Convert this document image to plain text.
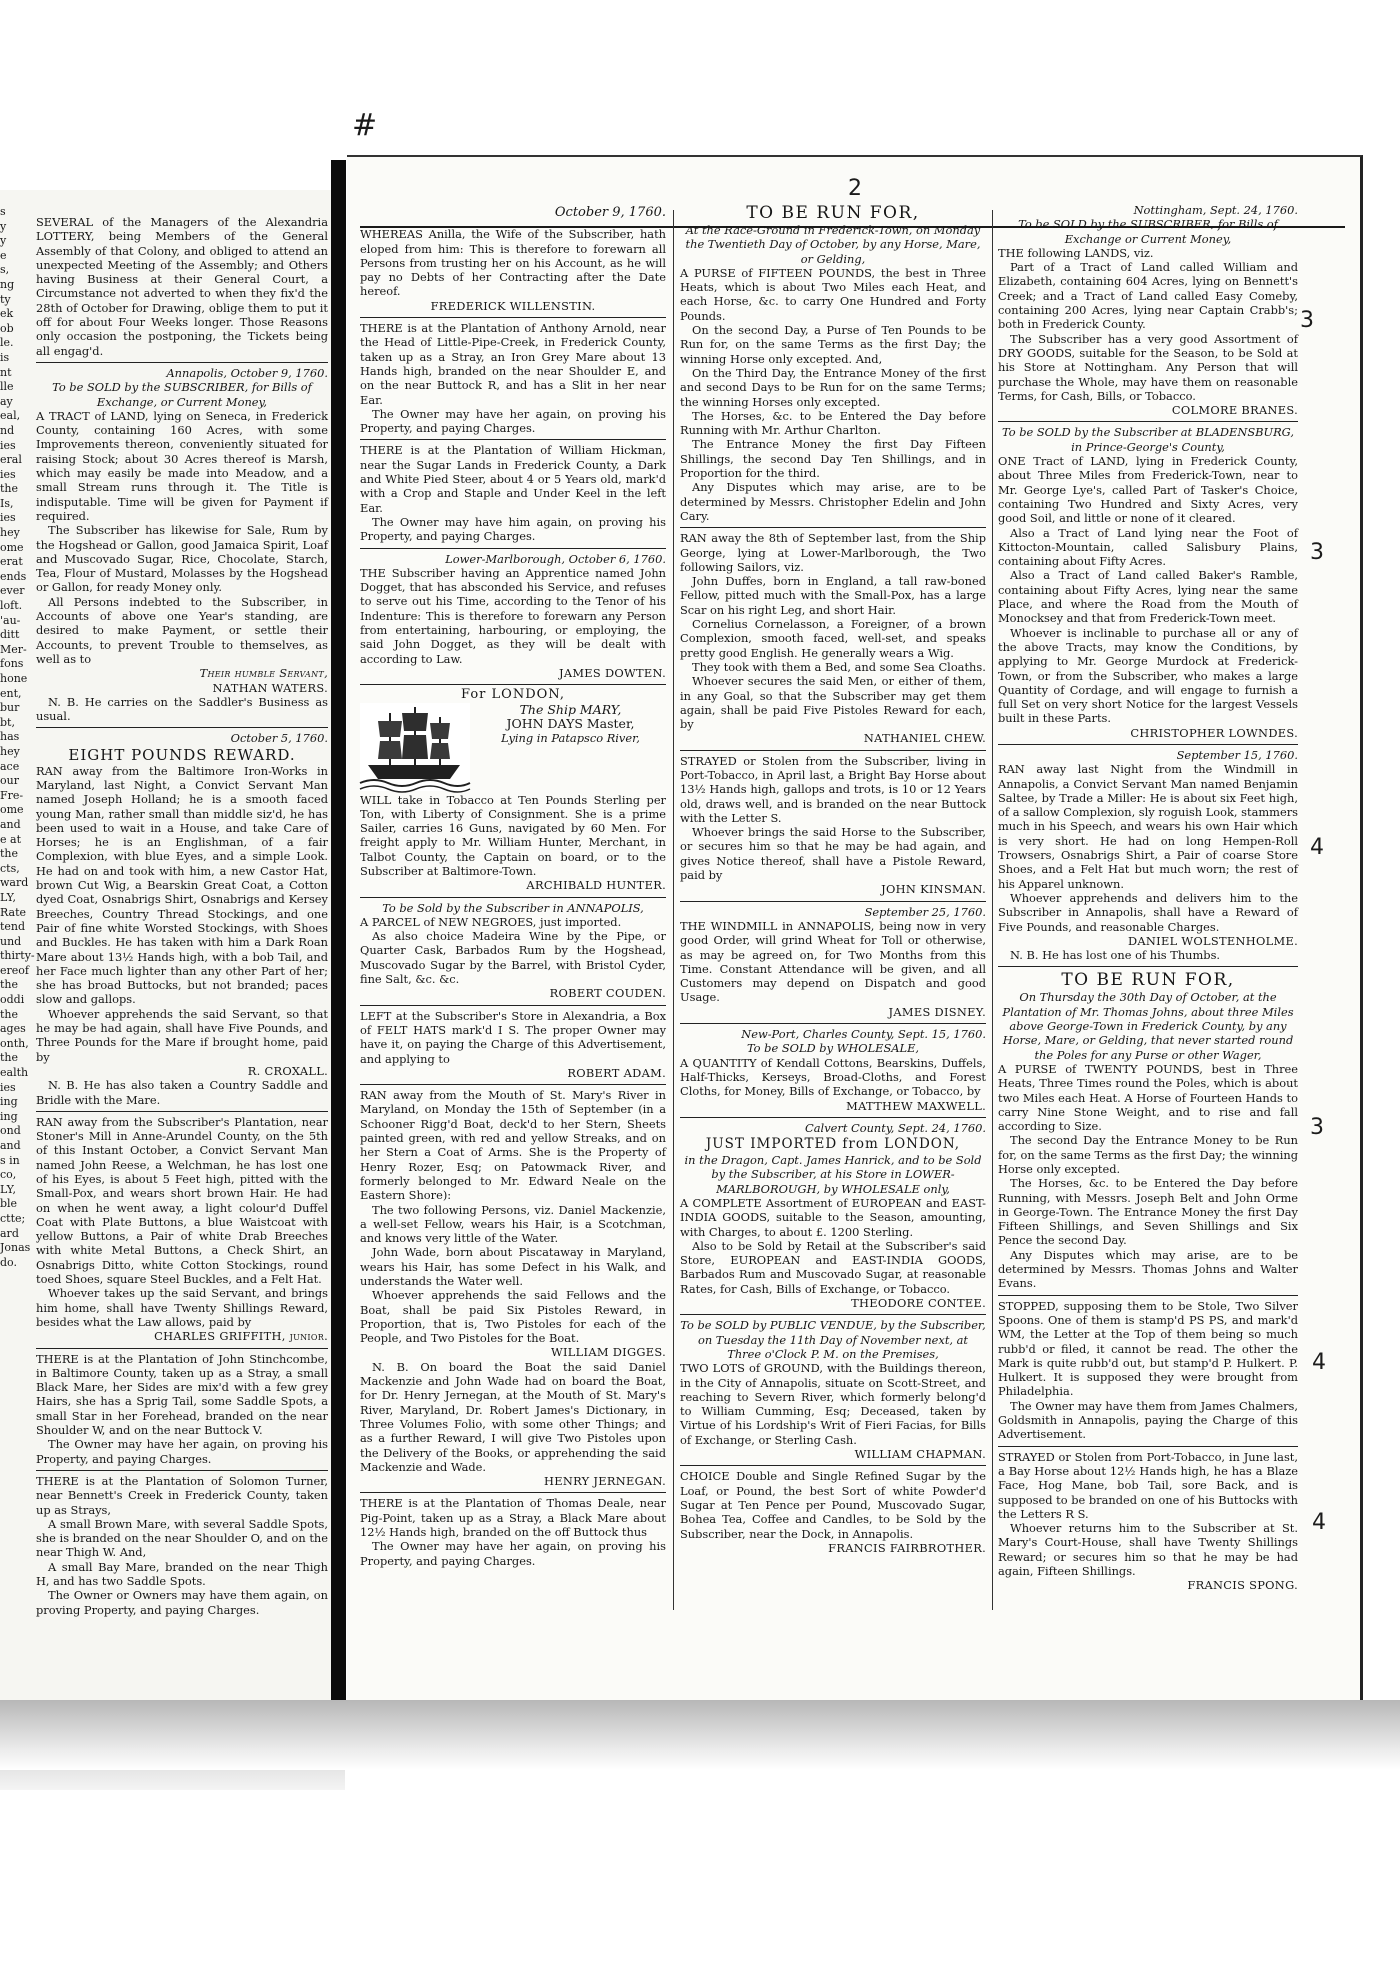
#
2
3
3
4
3
4
4
s
y
y
e
s,
ng
ty
ek
ob
le.
is
nt
lle
ay
eal,
nd
ies
eral
ies
the
Is,
ies
hey
ome
erat
ends
ever
loft.
'au-
ditt
Mer-
fons
hone
ent,
bur
bt,
has
hey
ace
our
Fre-
ome
and
e at
the
cts,
ward
LY,
Rate
tend
und
thirty-
ereof
the
oddi
the
ages
onth,
the
ealth
ies
ing
ing
ond
and
s in
co,
LY,
ble
ctte;
ard
Jonas
do.

SEVERAL of the Managers of the Alexandria LOTTERY, being Members of the General Assembly of that Colony, and obliged to attend an unexpected Meeting of the Assembly; and Others having Business at their General Court, a Circumstance not adverted to when they fix'd the 28th of October for Drawing, oblige them to put it off for about Four Weeks longer. Those Reasons only occasion the postponing, the Tickets being all engag'd.

Annapolis, October 9, 1760.

To be SOLD by the SUBSCRIBER, for Bills of Exchange, or Current Money,

A TRACT of LAND, lying on Seneca, in Frederick County, containing 160 Acres, with some Improvements thereon, conveniently situated for raising Stock; about 30 Acres thereof is Marsh, which may easily be made into Meadow, and a small Stream runs through it. The Title is indisputable. Time will be given for Payment if required.

The Subscriber has likewise for Sale, Rum by the Hogshead or Gallon, good Jamaica Spirit, Loaf and Muscovado Sugar, Rice, Chocolate, Starch, Tea, Flour of Mustard, Molasses by the Hogshead or Gallon, for ready Money only.

All Persons indebted to the Subscriber, in Accounts of above one Year's standing, are desired to make Payment, or settle their Accounts, to prevent Trouble to themselves, as well as to

Their humble Servant,

NATHAN WATERS.

N. B. He carries on the Saddler's Business as usual.

October 5, 1760.

EIGHT POUNDS REWARD.

RAN away from the Baltimore Iron-Works in Maryland, last Night, a Convict Servant Man named Joseph Holland; he is a smooth faced young Man, rather small than middle siz'd, he has been used to wait in a House, and take Care of Horses; he is an Englishman, of a fair Complexion, with blue Eyes, and a simple Look. He had on and took with him, a new Castor Hat, brown Cut Wig, a Bearskin Great Coat, a Cotton dyed Coat, Osnabrigs Shirt, Osnabrigs and Kersey Breeches, Country Thread Stockings, and one Pair of fine white Worsted Stockings, with Shoes and Buckles. He has taken with him a Dark Roan Mare about 13½ Hands high, with a bob Tail, and her Face much lighter than any other Part of her; she has broad Buttocks, but not branded; paces slow and gallops.

Whoever apprehends the said Servant, so that he may be had again, shall have Five Pounds, and Three Pounds for the Mare if brought home, paid by

R. CROXALL.

N. B. He has also taken a Country Saddle and Bridle with the Mare.

RAN away from the Subscriber's Plantation, near Stoner's Mill in Anne-Arundel County, on the 5th of this Instant October, a Convict Servant Man named John Reese, a Welchman, he has lost one of his Eyes, is about 5 Feet high, pitted with the Small-Pox, and wears short brown Hair. He had on when he went away, a light colour'd Duffel Coat with Plate Buttons, a blue Waistcoat with yellow Buttons, a Pair of white Drab Breeches with white Metal Buttons, a Check Shirt, an Osnabrigs Ditto, white Cotton Stockings, round toed Shoes, square Steel Buckles, and a Felt Hat.

Whoever takes up the said Servant, and brings him home, shall have Twenty Shillings Reward, besides what the Law allows, paid by

CHARLES GRIFFITH, junior.

THERE is at the Plantation of John Stinchcombe, in Baltimore County, taken up as a Stray, a small Black Mare, her Sides are mix'd with a few grey Hairs, she has a Sprig Tail, some Saddle Spots, a small Star in her Forehead, branded on the near Shoulder W, and on the near Buttock V.

The Owner may have her again, on proving his Property, and paying Charges.

THERE is at the Plantation of Solomon Turner, near Bennett's Creek in Frederick County, taken up as Strays,

A small Brown Mare, with several Saddle Spots, she is branded on the near Shoulder O, and on the near Thigh W. And,

A small Bay Mare, branded on the near Thigh H, and has two Saddle Spots.

The Owner or Owners may have them again, on proving Property, and paying Charges.

October 9, 1760.

WHEREAS Anilla, the Wife of the Subscriber, hath eloped from him: This is therefore to forewarn all Persons from trusting her on his Account, as he will pay no Debts of her Contracting after the Date hereof.

FREDERICK WILLENSTIN.

THERE is at the Plantation of Anthony Arnold, near the Head of Little-Pipe-Creek, in Frederick County, taken up as a Stray, an Iron Grey Mare about 13 Hands high, branded on the near Shoulder E, and on the near Buttock R, and has a Slit in her near Ear.

The Owner may have her again, on proving his Property, and paying Charges.

THERE is at the Plantation of William Hickman, near the Sugar Lands in Frederick County, a Dark and White Pied Steer, about 4 or 5 Years old, mark'd with a Crop and Staple and Under Keel in the left Ear.

The Owner may have him again, on proving his Property, and paying Charges.

Lower-Marlborough, October 6, 1760.

THE Subscriber having an Apprentice named John Dogget, that has absconded his Service, and refuses to serve out his Time, according to the Tenor of his Indenture: This is therefore to forewarn any Person from entertaining, harbouring, or employing, the said John Dogget, as they will be dealt with according to Law.

JAMES DOWTEN.

For LONDON,

The Ship MARY,

JOHN DAYS Master,

Lying in Patapsco River,

WILL take in Tobacco at Ten Pounds Sterling per Ton, with Liberty of Consignment. She is a prime Sailer, carries 16 Guns, navigated by 60 Men. For freight apply to Mr. William Hunter, Merchant, in Talbot County, the Captain on board, or to the Subscriber at Baltimore-Town.

ARCHIBALD HUNTER.

To be Sold by the Subscriber in ANNAPOLIS,

A PARCEL of NEW NEGROES, just imported.

As also choice Madeira Wine by the Pipe, or Quarter Cask, Barbados Rum by the Hogshead, Muscovado Sugar by the Barrel, with Bristol Cyder, fine Salt, &c. &c.

ROBERT COUDEN.

LEFT at the Subscriber's Store in Alexandria, a Box of FELT HATS mark'd I S. The proper Owner may have it, on paying the Charge of this Advertisement, and applying to

ROBERT ADAM.

RAN away from the Mouth of St. Mary's River in Maryland, on Monday the 15th of September (in a Schooner Rigg'd Boat, deck'd to her Stern, Sheets painted green, with red and yellow Streaks, and on her Stern a Coat of Arms. She is the Property of Henry Rozer, Esq; on Patowmack River, and formerly belonged to Mr. Edward Neale on the Eastern Shore):

The two following Persons, viz. Daniel Mackenzie, a well-set Fellow, wears his Hair, is a Scotchman, and knows very little of the Water.

John Wade, born about Piscataway in Maryland, wears his Hair, has some Defect in his Walk, and understands the Water well.

Whoever apprehends the said Fellows and the Boat, shall be paid Six Pistoles Reward, in Proportion, that is, Two Pistoles for each of the People, and Two Pistoles for the Boat.

WILLIAM DIGGES.

N. B. On board the Boat the said Daniel Mackenzie and John Wade had on board the Boat, for Dr. Henry Jernegan, at the Mouth of St. Mary's River, Maryland, Dr. Robert James's Dictionary, in Three Volumes Folio, with some other Things; and as a further Reward, I will give Two Pistoles upon the Delivery of the Books, or apprehending the said Mackenzie and Wade.

HENRY JERNEGAN.

THERE is at the Plantation of Thomas Deale, near Pig-Point, taken up as a Stray, a Black Mare about 12½ Hands high, branded on the off Buttock thus

The Owner may have her again, on proving his Property, and paying Charges.

TO BE RUN FOR,

At the Race-Ground in Frederick-Town, on Monday the Twentieth Day of October, by any Horse, Mare, or Gelding,

A PURSE of FIFTEEN POUNDS, the best in Three Heats, which is about Two Miles each Heat, and each Horse, &c. to carry One Hundred and Forty Pounds.

On the second Day, a Purse of Ten Pounds to be Run for, on the same Terms as the first Day; the winning Horse only excepted. And,

On the Third Day, the Entrance Money of the first and second Days to be Run for on the same Terms; the winning Horses only excepted.

The Horses, &c. to be Entered the Day before Running with Mr. Arthur Charlton.

The Entrance Money the first Day Fifteen Shillings, the second Day Ten Shillings, and in Proportion for the third.

Any Disputes which may arise, are to be determined by Messrs. Christopher Edelin and John Cary.

RAN away the 8th of September last, from the Ship George, lying at Lower-Marlborough, the Two following Sailors, viz.

John Duffes, born in England, a tall raw-boned Fellow, pitted much with the Small-Pox, has a large Scar on his right Leg, and short Hair.

Cornelius Cornelasson, a Foreigner, of a brown Complexion, smooth faced, well-set, and speaks pretty good English. He generally wears a Wig.

They took with them a Bed, and some Sea Cloaths.

Whoever secures the said Men, or either of them, in any Goal, so that the Subscriber may get them again, shall be paid Five Pistoles Reward for each, by

NATHANIEL CHEW.

STRAYED or Stolen from the Subscriber, living in Port-Tobacco, in April last, a Bright Bay Horse about 13½ Hands high, gallops and trots, is 10 or 12 Years old, draws well, and is branded on the near Buttock with the Letter S.

Whoever brings the said Horse to the Subscriber, or secures him so that he may be had again, and gives Notice thereof, shall have a Pistole Reward, paid by

JOHN KINSMAN.

September 25, 1760.

THE WINDMILL in ANNAPOLIS, being now in very good Order, will grind Wheat for Toll or otherwise, as may be agreed on, for Two Months from this Time. Constant Attendance will be given, and all Customers may depend on Dispatch and good Usage.

JAMES DISNEY.

New-Port, Charles County, Sept. 15, 1760.

To be SOLD by WHOLESALE,

A QUANTITY of Kendall Cottons, Bearskins, Duffels, Half-Thicks, Kerseys, Broad-Cloths, and Forest Cloths, for Money, Bills of Exchange, or Tobacco, by

MATTHEW MAXWELL.

Calvert County, Sept. 24, 1760.

JUST IMPORTED from LONDON,

in the Dragon, Capt. James Hanrick, and to be Sold by the Subscriber, at his Store in LOWER-MARLBOROUGH, by WHOLESALE only,

A COMPLETE Assortment of EUROPEAN and EAST-INDIA GOODS, suitable to the Season, amounting, with Charges, to about £. 1200 Sterling.

Also to be Sold by Retail at the Subscriber's said Store, EUROPEAN and EAST-INDIA GOODS, Barbados Rum and Muscovado Sugar, at reasonable Rates, for Cash, Bills of Exchange, or Tobacco.

THEODORE CONTEE.

To be SOLD by PUBLIC VENDUE, by the Subscriber, on Tuesday the 11th Day of November next, at Three o'Clock P. M. on the Premises,

TWO LOTS of GROUND, with the Buildings thereon, in the City of Annapolis, situate on Scott-Street, and reaching to Severn River, which formerly belong'd to William Cumming, Esq; Deceased, taken by Virtue of his Lordship's Writ of Fieri Facias, for Bills of Exchange, or Sterling Cash.

WILLIAM CHAPMAN.

CHOICE Double and Single Refined Sugar by the Loaf, or Pound, the best Sort of white Powder'd Sugar at Ten Pence per Pound, Muscovado Sugar, Bohea Tea, Coffee and Candles, to be Sold by the Subscriber, near the Dock, in Annapolis.

FRANCIS FAIRBROTHER.

Nottingham, Sept. 24, 1760.

To be SOLD by the SUBSCRIBER, for Bills of Exchange or Current Money,

THE following LANDS, viz.

Part of a Tract of Land called William and Elizabeth, containing 604 Acres, lying on Bennett's Creek; and a Tract of Land called Easy Comeby, containing 200 Acres, lying near Captain Crabb's; both in Frederick County.

The Subscriber has a very good Assortment of DRY GOODS, suitable for the Season, to be Sold at his Store at Nottingham. Any Person that will purchase the Whole, may have them on reasonable Terms, for Cash, Bills, or Tobacco.

COLMORE BRANES.

To be SOLD by the Subscriber at BLADENSBURG, in Prince-George's County,

ONE Tract of LAND, lying in Frederick County, about Three Miles from Frederick-Town, near to Mr. George Lye's, called Part of Tasker's Choice, containing Two Hundred and Sixty Acres, very good Soil, and little or none of it cleared.

Also a Tract of Land lying near the Foot of Kittocton-Mountain, called Salisbury Plains, containing about Fifty Acres.

Also a Tract of Land called Baker's Ramble, containing about Fifty Acres, lying near the same Place, and where the Road from the Mouth of Monocksey and that from Frederick-Town meet.

Whoever is inclinable to purchase all or any of the above Tracts, may know the Conditions, by applying to Mr. George Murdock at Frederick-Town, or from the Subscriber, who makes a large Quantity of Cordage, and will engage to furnish a full Set on very short Notice for the largest Vessels built in these Parts.

CHRISTOPHER LOWNDES.

September 15, 1760.

RAN away last Night from the Windmill in Annapolis, a Convict Servant Man named Benjamin Saltee, by Trade a Miller: He is about six Feet high, of a sallow Complexion, sly roguish Look, stammers much in his Speech, and wears his own Hair which is very short. He had on long Hempen-Roll Trowsers, Osnabrigs Shirt, a Pair of coarse Store Shoes, and a Felt Hat but much worn; the rest of his Apparel unknown.

Whoever apprehends and delivers him to the Subscriber in Annapolis, shall have a Reward of Five Pounds, and reasonable Charges.

DANIEL WOLSTENHOLME.

N. B. He has lost one of his Thumbs.

TO BE RUN FOR,

On Thursday the 30th Day of October, at the Plantation of Mr. Thomas Johns, about three Miles above George-Town in Frederick County, by any Horse, Mare, or Gelding, that never started round the Poles for any Purse or other Wager,

A PURSE of TWENTY POUNDS, best in Three Heats, Three Times round the Poles, which is about two Miles each Heat. A Horse of Fourteen Hands to carry Nine Stone Weight, and to rise and fall according to Size.

The second Day the Entrance Money to be Run for, on the same Terms as the first Day; the winning Horse only excepted.

The Horses, &c. to be Entered the Day before Running, with Messrs. Joseph Belt and John Orme in George-Town. The Entrance Money the first Day Fifteen Shillings, and Seven Shillings and Six Pence the second Day.

Any Disputes which may arise, are to be determined by Messrs. Thomas Johns and Walter Evans.

STOPPED, supposing them to be Stole, Two Silver Spoons. One of them is stamp'd PS PS, and mark'd WM, the Letter at the Top of them being so much rubb'd or filed, it cannot be read. The other the Mark is quite rubb'd out, but stamp'd P. Hulkert. P. Hulkert. It is supposed they were brought from Philadelphia.

The Owner may have them from James Chalmers, Goldsmith in Annapolis, paying the Charge of this Advertisement.

STRAYED or Stolen from Port-Tobacco, in June last, a Bay Horse about 12½ Hands high, he has a Blaze Face, Hog Mane, bob Tail, sore Back, and is supposed to be branded on one of his Buttocks with the Letters R S.

Whoever returns him to the Subscriber at St. Mary's Court-House, shall have Twenty Shillings Reward; or secures him so that he may be had again, Fifteen Shillings.

FRANCIS SPONG.
